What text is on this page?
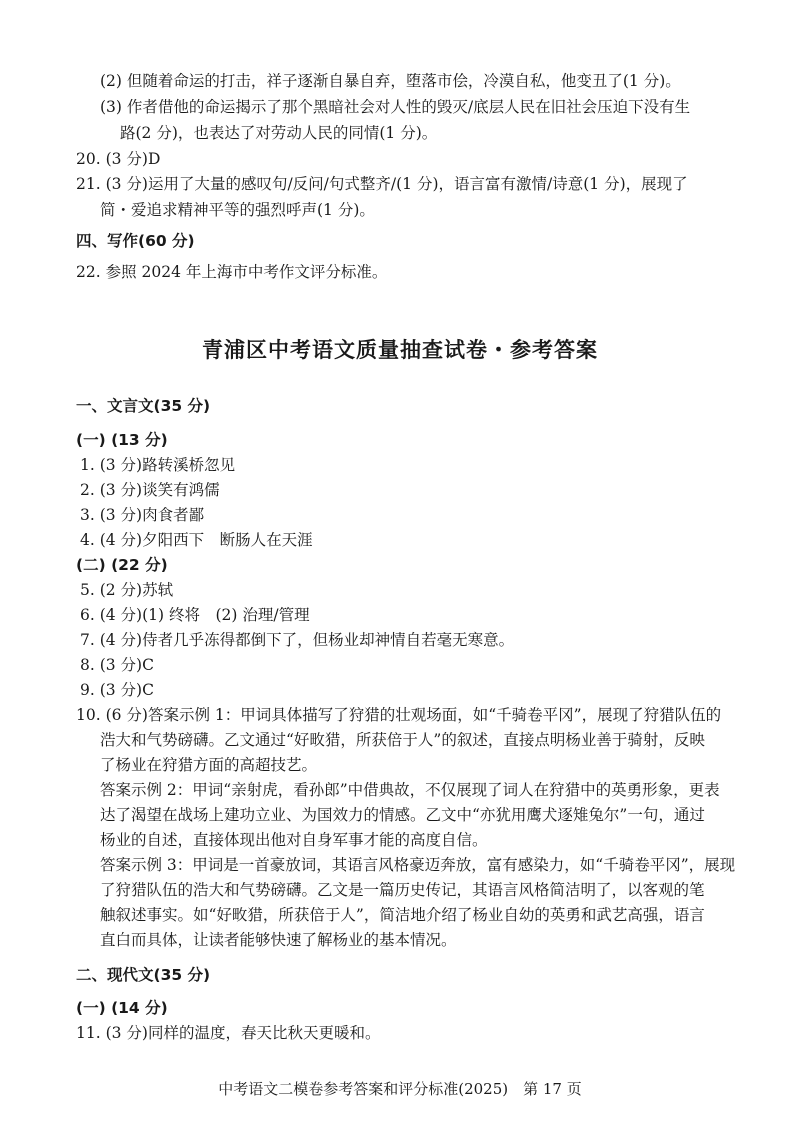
(2) 但随着命运的打击，祥子逐渐自暴自弃，堕落市侩，冷漠自私，他变丑了(1 分)。
(3) 作者借他的命运揭示了那个黑暗社会对人性的毁灭/底层人民在旧社会压迫下没有生
路(2 分)，也表达了对劳动人民的同情(1 分)。
20. (3 分)D
21. (3 分)运用了大量的感叹句/反问/句式整齐/(1 分)，语言富有激情/诗意(1 分)，展现了
简・爱追求精神平等的强烈呼声(1 分)。
四、写作(60 分)
22. 参照 2024 年上海市中考作文评分标准。
青浦区中考语文质量抽查试卷・参考答案
一、文言文(35 分)
(一) (13 分)
1. (3 分)路转溪桥忽见
2. (3 分)谈笑有鸿儒
3. (3 分)肉食者鄙
4. (4 分)夕阳西下　断肠人在天涯
(二) (22 分)
5. (2 分)苏轼
6. (4 分)(1) 终将　(2) 治理/管理
7. (4 分)侍者几乎冻得都倒下了，但杨业却神情自若毫无寒意。
8. (3 分)C
9. (3 分)C
10. (6 分)答案示例 1：甲词具体描写了狩猎的壮观场面，如“千骑卷平冈”，展现了狩猎队伍的
浩大和气势磅礴。乙文通过“好畋猎，所获倍于人”的叙述，直接点明杨业善于骑射，反映
了杨业在狩猎方面的高超技艺。
答案示例 2：甲词“亲射虎，看孙郎”中借典故，不仅展现了词人在狩猎中的英勇形象，更表
达了渴望在战场上建功立业、为国效力的情感。乙文中“亦犹用鹰犬逐雉兔尔”一句，通过
杨业的自述，直接体现出他对自身军事才能的高度自信。
答案示例 3：甲词是一首豪放词，其语言风格豪迈奔放，富有感染力，如“千骑卷平冈”，展现
了狩猎队伍的浩大和气势磅礴。乙文是一篇历史传记，其语言风格简洁明了，以客观的笔
触叙述事实。如“好畋猎，所获倍于人”，简洁地介绍了杨业自幼的英勇和武艺高强，语言
直白而具体，让读者能够快速了解杨业的基本情况。
二、现代文(35 分)
(一) (14 分)
11. (3 分)同样的温度，春天比秋天更暖和。
中考语文二模卷参考答案和评分标准(2025)　第 17 页
